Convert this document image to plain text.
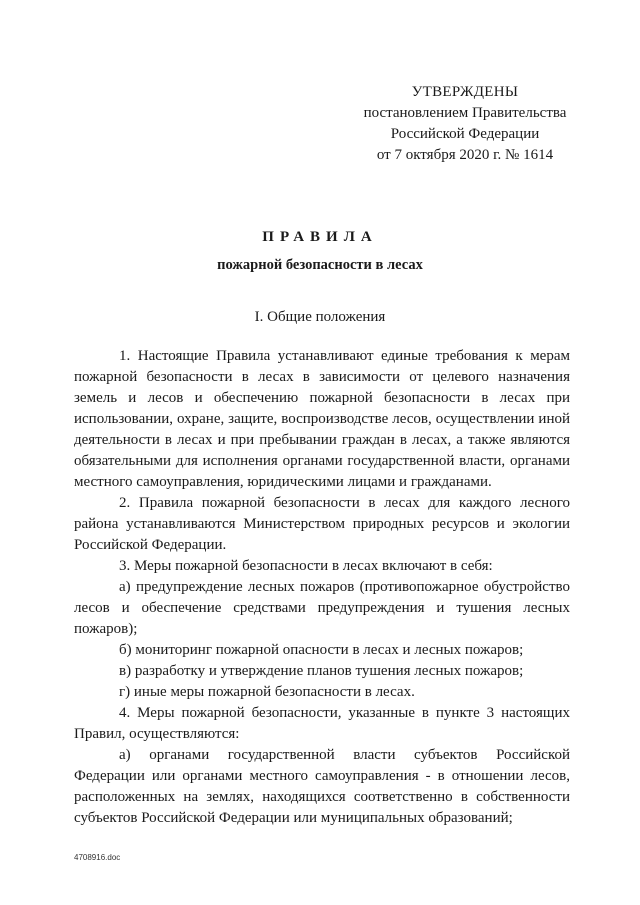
УТВЕРЖДЕНЫ
постановлением Правительства
Российской Федерации
от 7 октября 2020 г. № 1614
ПРАВИЛА
пожарной безопасности в лесах
I. Общие положения

1. Настоящие Правила устанавливают единые требования к мерам пожарной безопасности в лесах в зависимости от целевого назначения земель и лесов и обеспечению пожарной безопасности в лесах при использовании, охране, защите, воспроизводстве лесов, осуществлении иной деятельности в лесах и при пребывании граждан в лесах, а также являются обязательными для исполнения органами государственной власти, органами местного самоуправления, юридическими лицами и гражданами.

2. Правила пожарной безопасности в лесах для каждого лесного района устанавливаются Министерством природных ресурсов и экологии Российской Федерации.

3. Меры пожарной безопасности в лесах включают в себя:

а) предупреждение лесных пожаров (противопожарное обустройство лесов и обеспечение средствами предупреждения и тушения лесных пожаров);

б) мониторинг пожарной опасности в лесах и лесных пожаров;

в) разработку и утверждение планов тушения лесных пожаров;

г) иные меры пожарной безопасности в лесах.

4. Меры пожарной безопасности, указанные в пункте 3 настоящих Правил, осуществляются:

а) органами государственной власти субъектов Российской Федерации или органами местного самоуправления - в отношении лесов, расположенных на землях, находящихся соответственно в собственности субъектов Российской Федерации или муниципальных образований;

4708916.doc
